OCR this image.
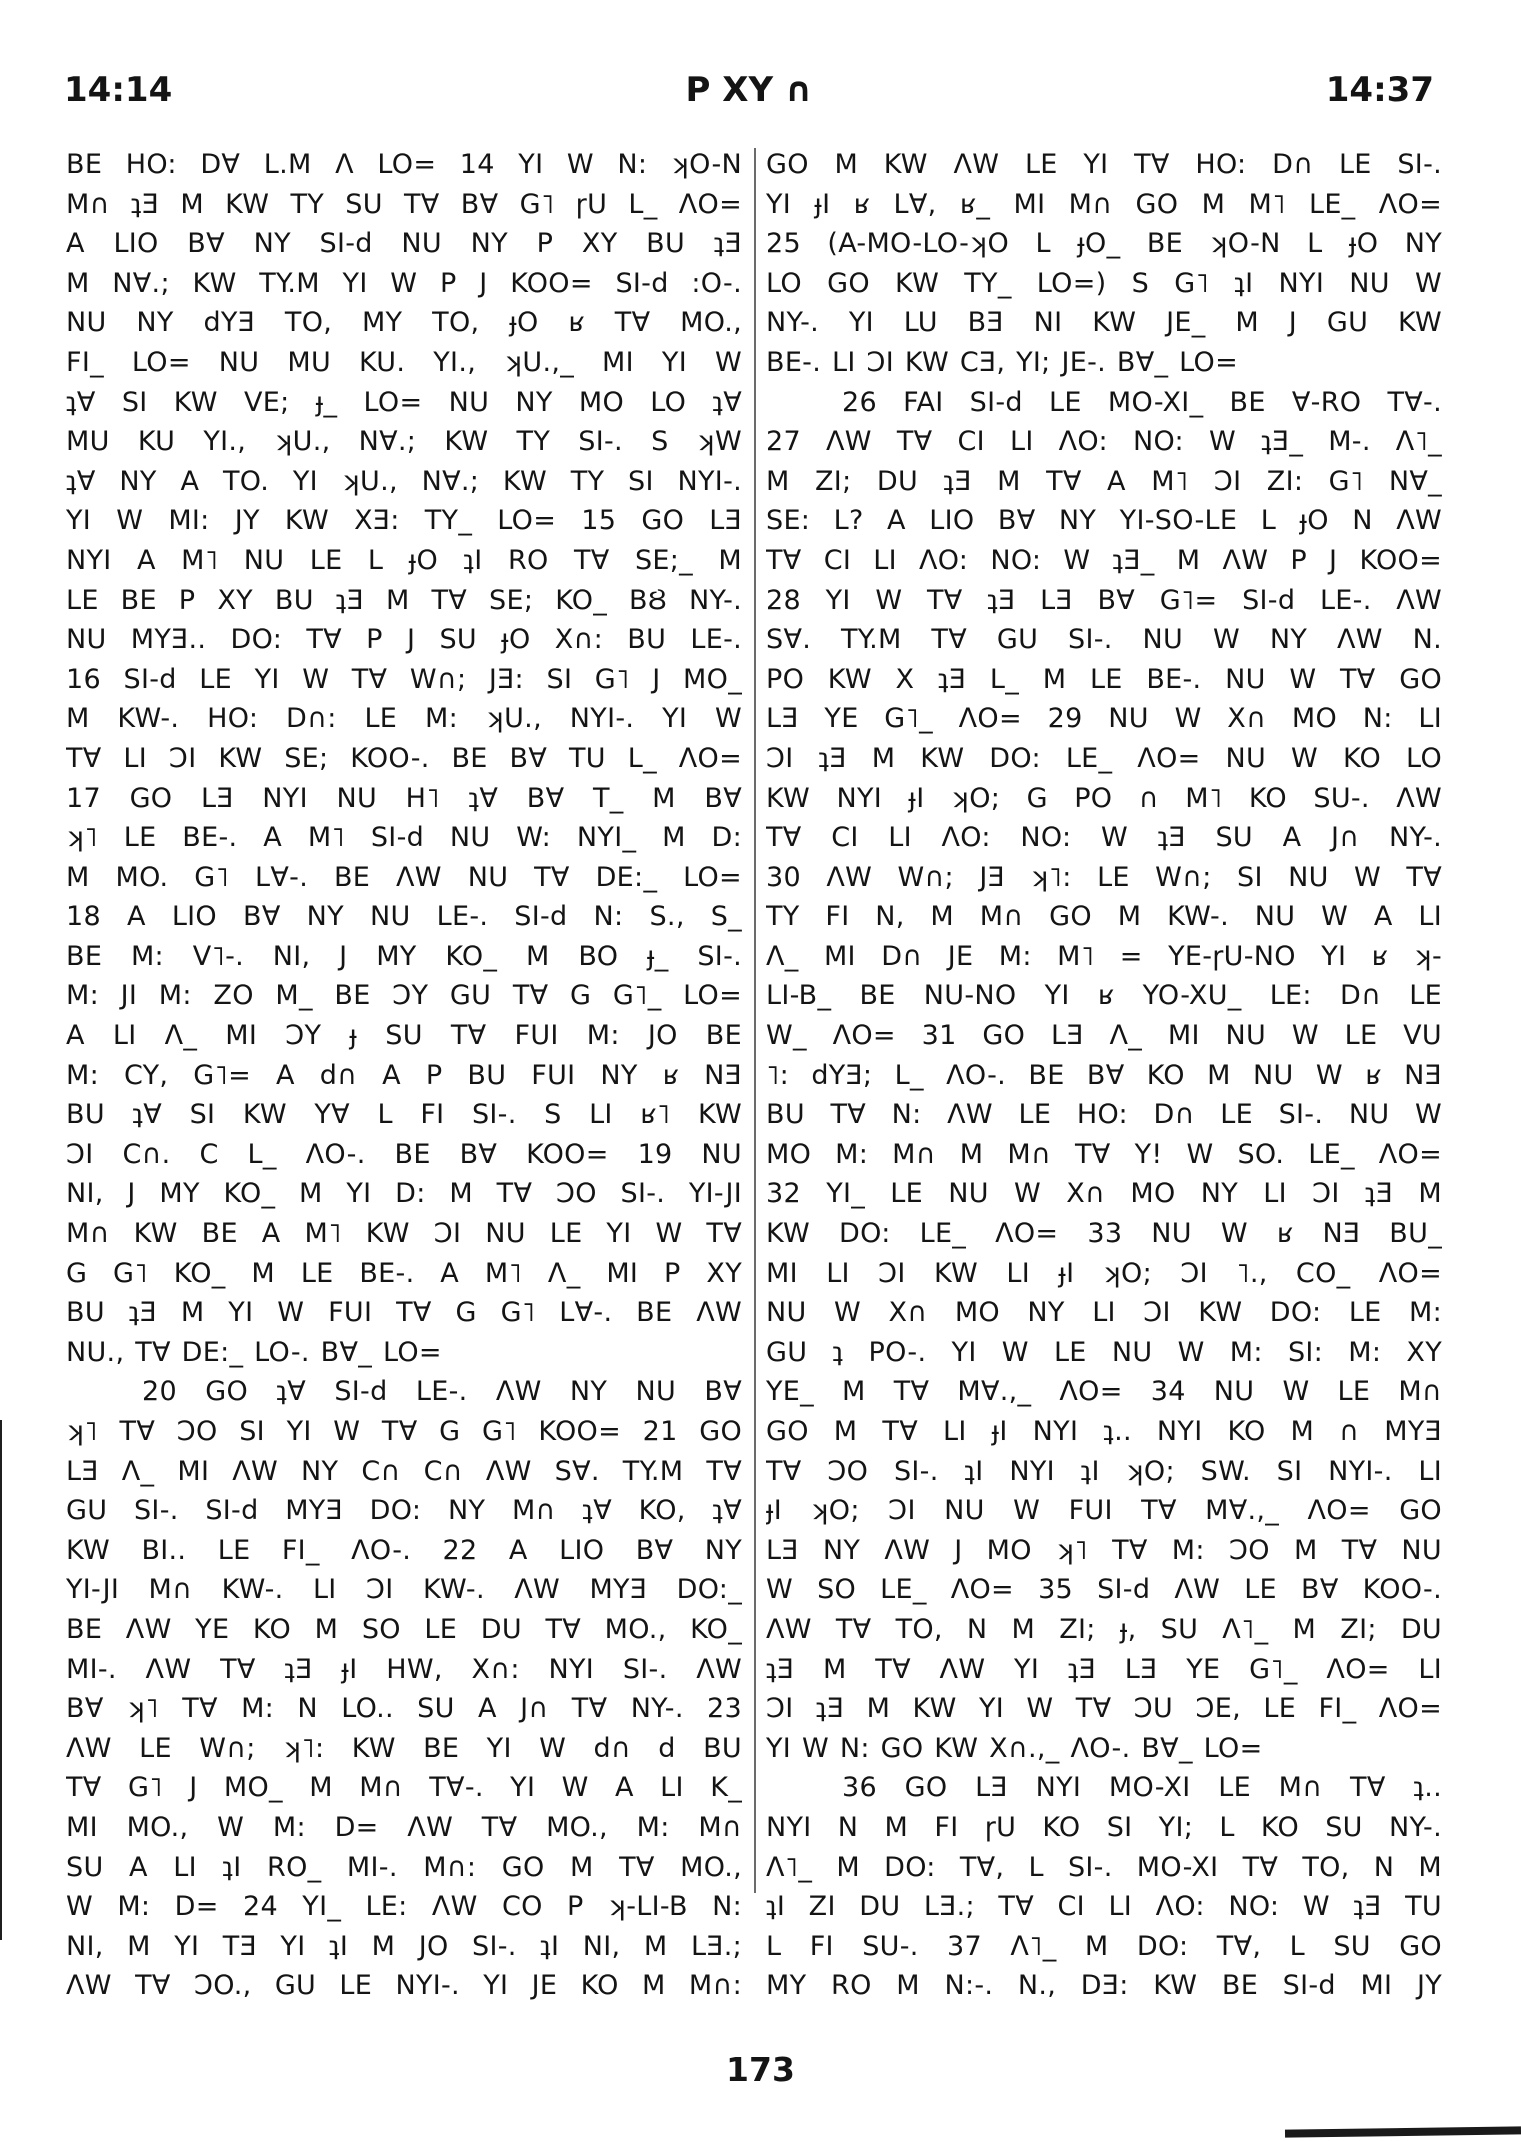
14:14	P XY ∩	14:37
BE HO: D∀ L.M Λ LO= 14 YI W N: ʞO-N
M∩ ʇƎ M KW TY SU T∀ B∀ G˥ ɼU L_ ΛO=
A LIO B∀ NY SI-d NU NY P XY BU ʇƎ
M N∀.; KW TY.M YI W P J KOO= SI-d :O-.
NU NY dYƎ TO, MY TO, ɟO ʁ T∀ MO.,
FI_ LO= NU MU KU. YI., ʞU.,_ MI YI W
ʇ∀ SI KW VE; ɟ_ LO= NU NY MO LO ʇ∀
MU KU YI., ʞU., N∀.; KW TY SI-. S ʞW
ʇ∀ NY A TO. YI ʞU., N∀.; KW TY SI NYI-.
YI W MI: JY KW XƎ: TY_ LO= 15 GO LƎ
NYI A M˥ NU LE L ɟO ʇI RO T∀ SE;_ M
LE BE P XY BU ʇƎ M T∀ SE; KO_ BȢ NY-.
NU MYƎ.. DO: T∀ P J SU ɟO X∩: BU LE-.
16 SI-d LE YI W T∀ W∩; JƎ: SI G˥ J MO_
M KW-. HO: D∩: LE M: ʞU., NYI-. YI W
T∀ LI ƆI KW SE; KOO-. BE B∀ TU L_ ΛO=
17 GO LƎ NYI NU H˥ ʇ∀ B∀ T_ M B∀
ʞ˥ LE BE-. A M˥ SI-d NU W: NYI_ M D:
M MO. G˥ L∀-. BE ΛW NU T∀ DE:_ LO=
18 A LIO B∀ NY NU LE-. SI-d N: S., S_
BE M: V˥-. NI, J MY KO_ M BO ɟ_ SI-.
M: JI M: ZO M_ BE ƆY GU T∀ G G˥_ LO=
A LI Λ_ MI ƆY ɟ SU T∀ FUI M: JO BE
M: CY, G˥= A d∩ A P BU FUI NY ʁ NƎ
BU ʇ∀ SI KW Y∀ L FI SI-. S LI ʁ˥ KW
ƆI C∩. C L_ ΛO-. BE B∀ KOO= 19 NU
NI, J MY KO_ M YI D: M T∀ ƆO SI-. YI-JI
M∩ KW BE A M˥ KW ƆI NU LE YI W T∀
G G˥ KO_ M LE BE-. A M˥ Λ_ MI P XY
BU ʇƎ M YI W FUI T∀ G G˥ L∀-. BE ΛW
NU., T∀ DE:_ LO-. B∀_ LO=
20 GO ʇ∀ SI-d LE-. ΛW NY NU B∀
ʞ˥ T∀ ƆO SI YI W T∀ G G˥ KOO= 21 GO
LƎ Λ_ MI ΛW NY C∩ C∩ ΛW S∀. TY.M T∀
GU SI-. SI-d MYƎ DO: NY M∩ ʇ∀ KO, ʇ∀
KW BI.. LE FI_ ΛO-. 22 A LIO B∀ NY
YI-JI M∩ KW-. LI ƆI KW-. ΛW MYƎ DO:_
BE ΛW YE KO M SO LE DU T∀ MO., KO_
MI-. ΛW T∀ ʇƎ ɟI HW, X∩: NYI SI-. ΛW
B∀ ʞ˥ T∀ M: N LO.. SU A J∩ T∀ NY-. 23
ΛW LE W∩; ʞ˥: KW BE YI W d∩ d BU
T∀ G˥ J MO_ M M∩ T∀-. YI W A LI K_
MI MO., W M: D= ΛW T∀ MO., M: M∩
SU A LI ʇI RO_ MI-. M∩: GO M T∀ MO.,
W M: D= 24 YI_ LE: ΛW CO P ʞ-LI-B N:
NI, M YI TƎ YI ʇI M JO SI-. ʇI NI, M LƎ.;
ΛW T∀ ƆO., GU LE NYI-. YI JE KO M M∩:
GO M KW ΛW LE YI T∀ HO: D∩ LE SI-.
YI ɟI ʁ L∀, ʁ_ MI M∩ GO M M˥ LE_ ΛO=
25 (A-MO-LO-ʞO L ɟO_ BE ʞO-N L ɟO NY
LO GO KW TY_ LO=) S G˥ ʇI NYI NU W
NY-. YI LU BƎ NI KW JE_ M J GU KW
BE-. LI ƆI KW CƎ, YI; JE-. B∀_ LO=
26 FAI SI-d LE MO-XI_ BE ∀-RO T∀-.
27 ΛW T∀ CI LI ΛO: NO: W ʇƎ_ M-. Λ˥_
M ZI; DU ʇƎ M T∀ A M˥ ƆI ZI: G˥ N∀_
SE: L? A LIO B∀ NY YI-SO-LE L ɟO N ΛW
T∀ CI LI ΛO: NO: W ʇƎ_ M ΛW P J KOO=
28 YI W T∀ ʇƎ LƎ B∀ G˥= SI-d LE-. ΛW
S∀. TY.M T∀ GU SI-. NU W NY ΛW N.
PO KW X ʇƎ L_ M LE BE-. NU W T∀ GO
LƎ YE G˥_ ΛO= 29 NU W X∩ MO N: LI
ƆI ʇƎ M KW DO: LE_ ΛO= NU W KO LO
KW NYI ɟI ʞO; G PO ∩ M˥ KO SU-. ΛW
T∀ CI LI ΛO: NO: W ʇƎ SU A J∩ NY-.
30 ΛW W∩; JƎ ʞ˥: LE W∩; SI NU W T∀
TY FI N, M M∩ GO M KW-. NU W A LI
Λ_ MI D∩ JE M: M˥ = YE-ɼU-NO YI ʁ ʞ-
LI-B_ BE NU-NO YI ʁ YO-XU_ LE: D∩ LE
W_ ΛO= 31 GO LƎ Λ_ MI NU W LE VU
˥: dYƎ; L_ ΛO-. BE B∀ KO M NU W ʁ NƎ
BU T∀ N: ΛW LE HO: D∩ LE SI-. NU W
MO M: M∩ M M∩ T∀ Y! W SO. LE_ ΛO=
32 YI_ LE NU W X∩ MO NY LI ƆI ʇƎ M
KW DO: LE_ ΛO= 33 NU W ʁ NƎ BU_
MI LI ƆI KW LI ɟI ʞO; ƆI ˥., CO_ ΛO=
NU W X∩ MO NY LI ƆI KW DO: LE M:
GU ʇ PO-. YI W LE NU W M: SI: M: XY
YE_ M T∀ M∀.,_ ΛO= 34 NU W LE M∩
GO M T∀ LI ɟI NYI ʇ.. NYI KO M ∩ MYƎ
T∀ ƆO SI-. ʇI NYI ʇI ʞO; SW. SI NYI-. LI
ɟI ʞO; ƆI NU W FUI T∀ M∀.,_ ΛO= GO
LƎ NY ΛW J MO ʞ˥ T∀ M: ƆO M T∀ NU
W SO LE_ ΛO= 35 SI-d ΛW LE B∀ KOO-.
ΛW T∀ TO, N M ZI; ɟ, SU Λ˥_ M ZI; DU
ʇƎ M T∀ ΛW YI ʇƎ LƎ YE G˥_ ΛO= LI
ƆI ʇƎ M KW YI W T∀ ƆU ƆE, LE FI_ ΛO=
YI W N: GO KW X∩.,_ ΛO-. B∀_ LO=
36 GO LƎ NYI MO-XI LE M∩ T∀ ʇ..
NYI N M FI ɼU KO SI YI; L KO SU NY-.
Λ˥_ M DO: T∀, L SI-. MO-XI T∀ TO, N M
ʇI ZI DU LƎ.; T∀ CI LI ΛO: NO: W ʇƎ TU
L FI SU-. 37 Λ˥_ M DO: T∀, L SU GO
MY RO M N:-. N., DƎ: KW BE SI-d MI JY
173
